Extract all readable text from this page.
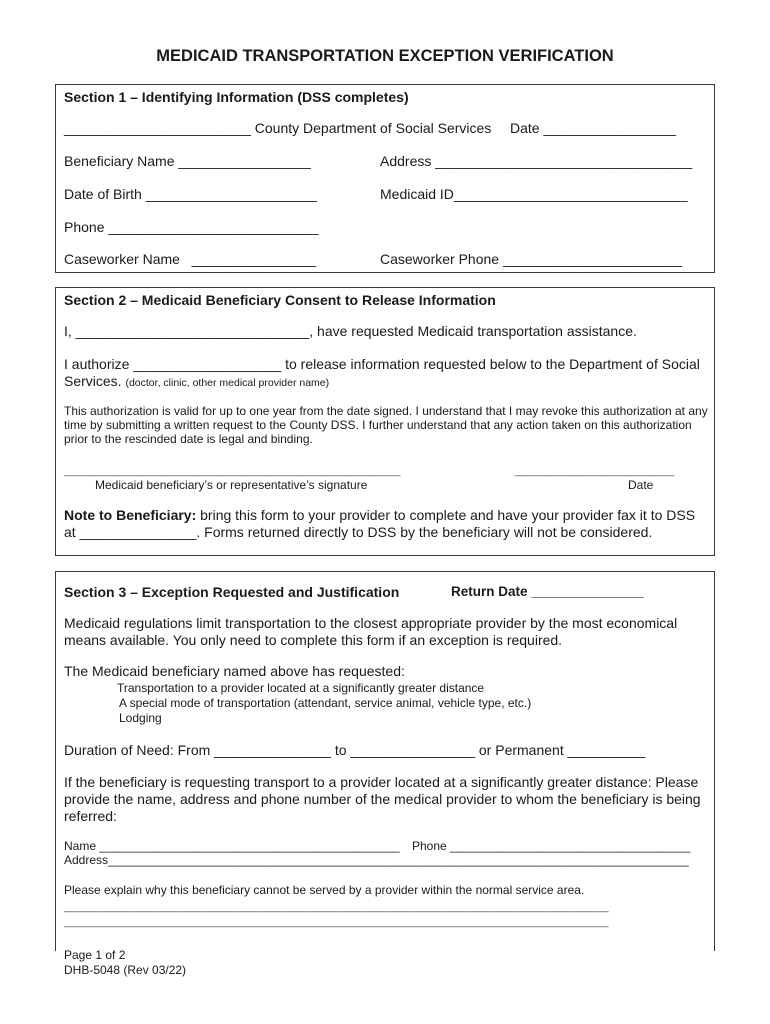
MEDICAID TRANSPORTATION EXCEPTION VERIFICATION
Section 1 – Identifying Information (DSS completes)
________________________ County Department of Social Services Date _________________
Beneficiary Name _________________	Address _________________________________
Date of Birth ______________________	Medicaid ID______________________________
Phone ___________________________
Caseworker Name   ________________	Caseworker Phone _______________________
Section 2 – Medicaid Beneficiary Consent to Release Information
I, ______________________________, have requested Medicaid transportation assistance.
I authorize ___________________ to release information requested below to the Department of Social Services. (doctor, clinic, other medical provider name)
This authorization is valid for up to one year from the date signed. I understand that I may revoke this authorization at any time by submitting a written request to the County DSS. I further understand that any action taken on this authorization prior to the rescinded date is legal and binding.
_______________________________________________________	__________________________
Medicaid beneficiary’s or representative’s signature	Date
Note to Beneficiary: bring this form to your provider to complete and have your provider fax it to DSS at _______________. Forms returned directly to DSS by the beneficiary will not be considered.
Section 3 – Exception Requested and Justification	Return Date _______________
Medicaid regulations limit transportation to the closest appropriate provider by the most economical means available. You only need to complete this form if an exception is required.
The Medicaid beneficiary named above has requested:
Transportation to a provider located at a significantly greater distance
A special mode of transportation (attendant, service animal, vehicle type, etc.)
Lodging
Duration of Need: From _______________ to ________________ or Permanent __________
If the beneficiary is requesting transport to a provider located at a significantly greater distance: Please provide the name, address and phone number of the medical provider to whom the beneficiary is being referred:
Name _____________________________________________ Phone ____________________________________
Address_______________________________________________________________________________________
Please explain why this beneficiary cannot be served by a provider within the normal service area.
_________________________________________________________________________________________
_________________________________________________________________________________________
Page 1 of 2
DHB-5048 (Rev 03/22)
